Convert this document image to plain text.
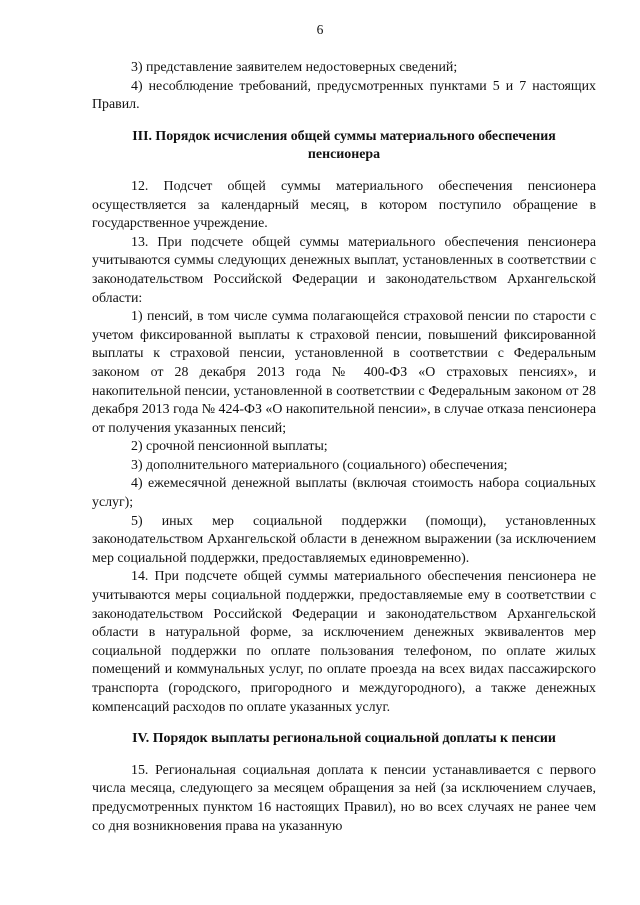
6

3) представление заявителем недостоверных сведений;

4) несоблюдение требований, предусмотренных пунктами 5 и 7 настоящих Правил.

III. Порядок исчисления общей суммы материального обеспечения пенсионера

12. Подсчет общей суммы материального обеспечения пенсионера осуществляется за календарный месяц, в котором поступило обращение в государственное учреждение.

13. При подсчете общей суммы материального обеспечения пенсионера учитываются суммы следующих денежных выплат, установленных в соответствии с законодательством Российской Федерации и законодательством Архангельской области:

1) пенсий, в том числе сумма полагающейся страховой пенсии по старости с учетом фиксированной выплаты к страховой пенсии, повышений фиксированной выплаты к страховой пенсии, установленной в соответствии с Федеральным законом от 28 декабря 2013 года № 400-ФЗ «О страховых пенсиях», и накопительной пенсии, установленной в соответствии с Федеральным законом от 28 декабря 2013 года № 424-ФЗ «О накопительной пенсии», в случае отказа пенсионера от получения указанных пенсий;

2) срочной пенсионной выплаты;

3) дополнительного материального (социального) обеспечения;

4) ежемесячной денежной выплаты (включая стоимость набора социальных услуг);

5) иных мер социальной поддержки (помощи), установленных законодательством Архангельской области в денежном выражении (за исключением мер социальной поддержки, предоставляемых единовременно).

14. При подсчете общей суммы материального обеспечения пенсионера не учитываются меры социальной поддержки, предоставляемые ему в соответствии с законодательством Российской Федерации и законодательством Архангельской области в натуральной форме, за исключением денежных эквивалентов мер социальной поддержки по оплате пользования телефоном, по оплате жилых помещений и коммунальных услуг, по оплате проезда на всех видах пассажирского транспорта (городского, пригородного и междугородного), а также денежных компенсаций расходов по оплате указанных услуг.

IV. Порядок выплаты региональной социальной доплаты к пенсии

15. Региональная социальная доплата к пенсии устанавливается с первого числа месяца, следующего за месяцем обращения за ней (за исключением случаев, предусмотренных пунктом 16 настоящих Правил), но во всех случаях не ранее чем со дня возникновения права на указанную
